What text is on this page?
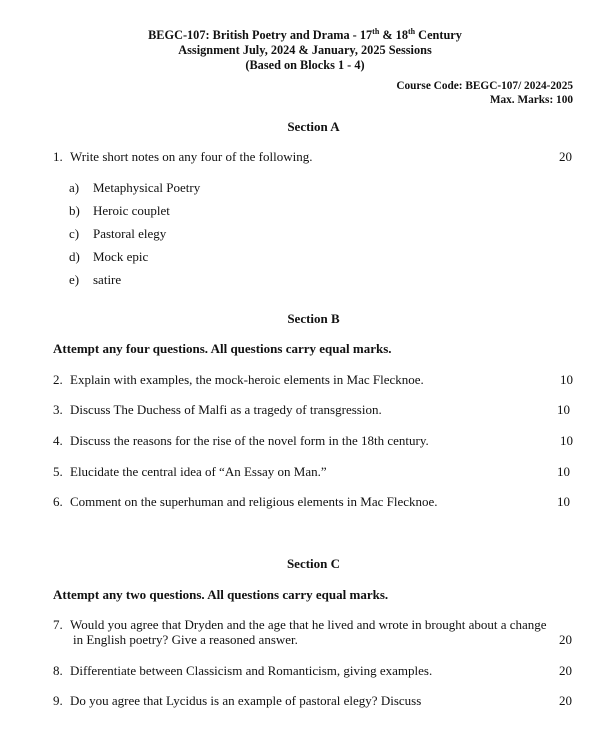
BEGC-107: British Poetry and Drama - 17th & 18th Century
Assignment July, 2024 & January, 2025 Sessions
(Based on Blocks 1 - 4)
Course Code: BEGC-107/ 2024-2025
Max. Marks: 100
Section A
1. Write short notes on any four of the following.	20
a) Metaphysical Poetry
b) Heroic couplet
c) Pastoral elegy
d) Mock epic
e) satire
Section B
Attempt any four questions. All questions carry equal marks.
2. Explain with examples, the mock-heroic elements in Mac Flecknoe.	10
3. Discuss The Duchess of Malfi as a tragedy of transgression.	10
4. Discuss the reasons for the rise of the novel form in the 18th century.	10
5. Elucidate the central idea of “An Essay on Man.”	10
6. Comment on the superhuman and religious elements in Mac Flecknoe.	10
Section C
Attempt any two questions. All questions carry equal marks.
7. Would you agree that Dryden and the age that he lived and wrote in brought about a change
in English poetry? Give a reasoned answer.	20
8. Differentiate between Classicism and Romanticism, giving examples.	20
9. Do you agree that Lycidus is an example of pastoral elegy? Discuss	20
